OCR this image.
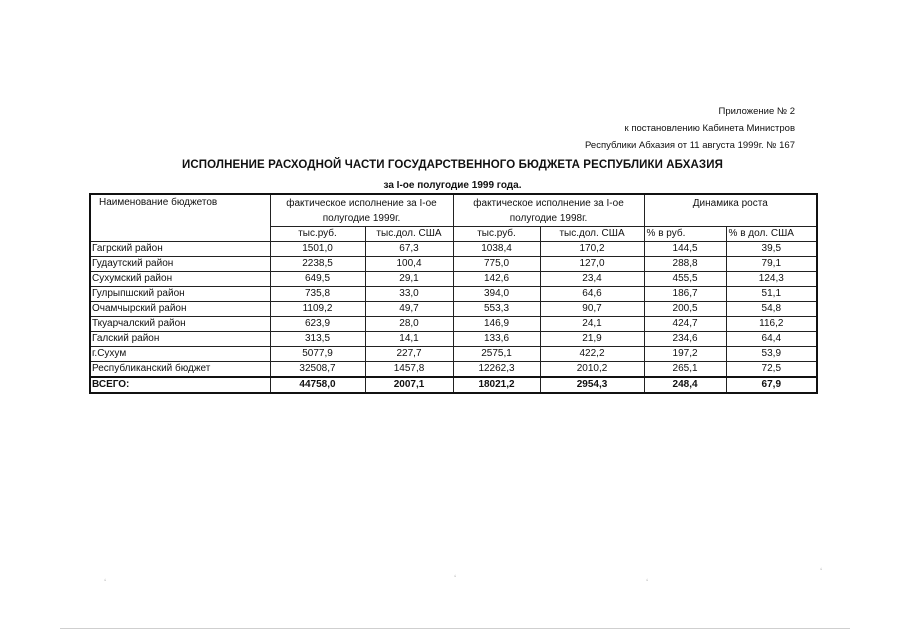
Приложение № 2
к постановлению Кабинета Министров
Республики Абхазия от 11 августа 1999г. № 167
ИСПОЛНЕНИЕ РАСХОДНОЙ ЧАСТИ ГОСУДАРСТВЕННОГО БЮДЖЕТА РЕСПУБЛИКИ АБХАЗИЯ
за I-ое полугодие 1999 года.
Наименование бюджетов	фактическое исполнение за I-ое полугодие 1999г.		фактическое исполнение за I-ое полугодие 1998г.		Динамика роста	
	тыс.руб.	тыс.дол. США	тыс.руб.	тыс.дол. США	% в руб.	% в дол. США
Гагрский район	1501,0	67,3	1038,4	170,2	144,5	39,5
Гудаутский район	2238,5	100,4	775,0	127,0	288,8	79,1
Сухумский район	649,5	29,1	142,6	23,4	455,5	124,3
Гулрыпшский район	735,8	33,0	394,0	64,6	186,7	51,1
Очамчырский район	1109,2	49,7	553,3	90,7	200,5	54,8
Ткуарчалский район	623,9	28,0	146,9	24,1	424,7	116,2
Галский район	313,5	14,1	133,6	21,9	234,6	64,4
г.Сухум	5077,9	227,7	2575,1	422,2	197,2	53,9
Республиканский бюджет	32508,7	1457,8	12262,3	2010,2	265,1	72,5
ВСЕГО:	44758,0	2007,1	18021,2	2954,3	248,4	67,9
ʻ	ʻ	ʻ
ʻ
